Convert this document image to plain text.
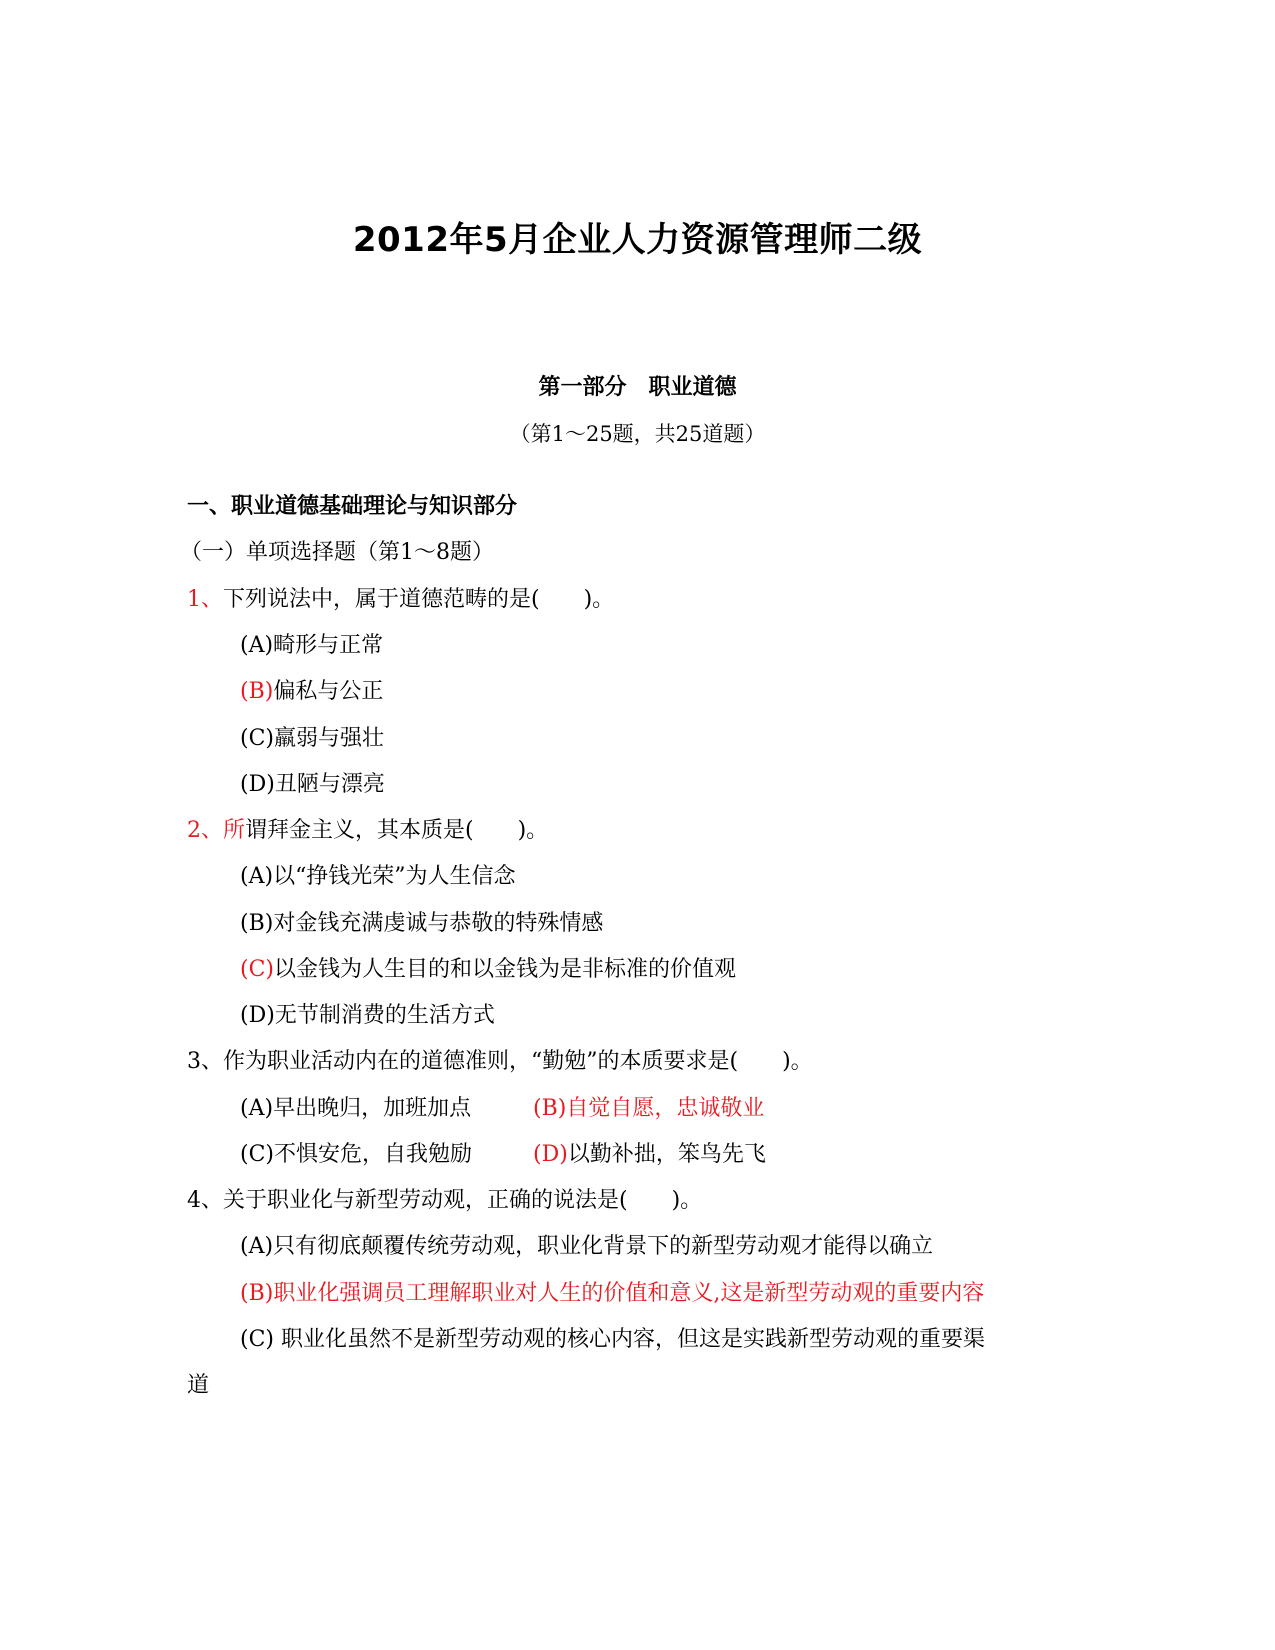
2012年5月企业人力资源管理师二级
第一部分　职业道德
（第1～25题，共25道题）
一、职业道德基础理论与知识部分
（一）单项选择题（第1～8题）
1、下列说法中，属于道德范畴的是(　　)。
(A)畸形与正常
(B)偏私与公正
(C)羸弱与强壮
(D)丑陋与漂亮
2、所谓拜金主义，其本质是(　　)。
(A)以“挣钱光荣”为人生信念
(B)对金钱充满虔诚与恭敬的特殊情感
(C)以金钱为人生目的和以金钱为是非标准的价值观
(D)无节制消费的生活方式
3、作为职业活动内在的道德准则，“勤勉”的本质要求是(　　)。
(A)早出晚归，加班加点	(B)自觉自愿，忠诚敬业
(C)不惧安危，自我勉励	(D)以勤补拙，笨鸟先飞
4、关于职业化与新型劳动观，正确的说法是(　　)。
(A)只有彻底颠覆传统劳动观，职业化背景下的新型劳动观才能得以确立
(B)职业化强调员工理解职业对人生的价值和意义,这是新型劳动观的重要内容
(C) 职业化虽然不是新型劳动观的核心内容，但这是实践新型劳动观的重要渠
道
